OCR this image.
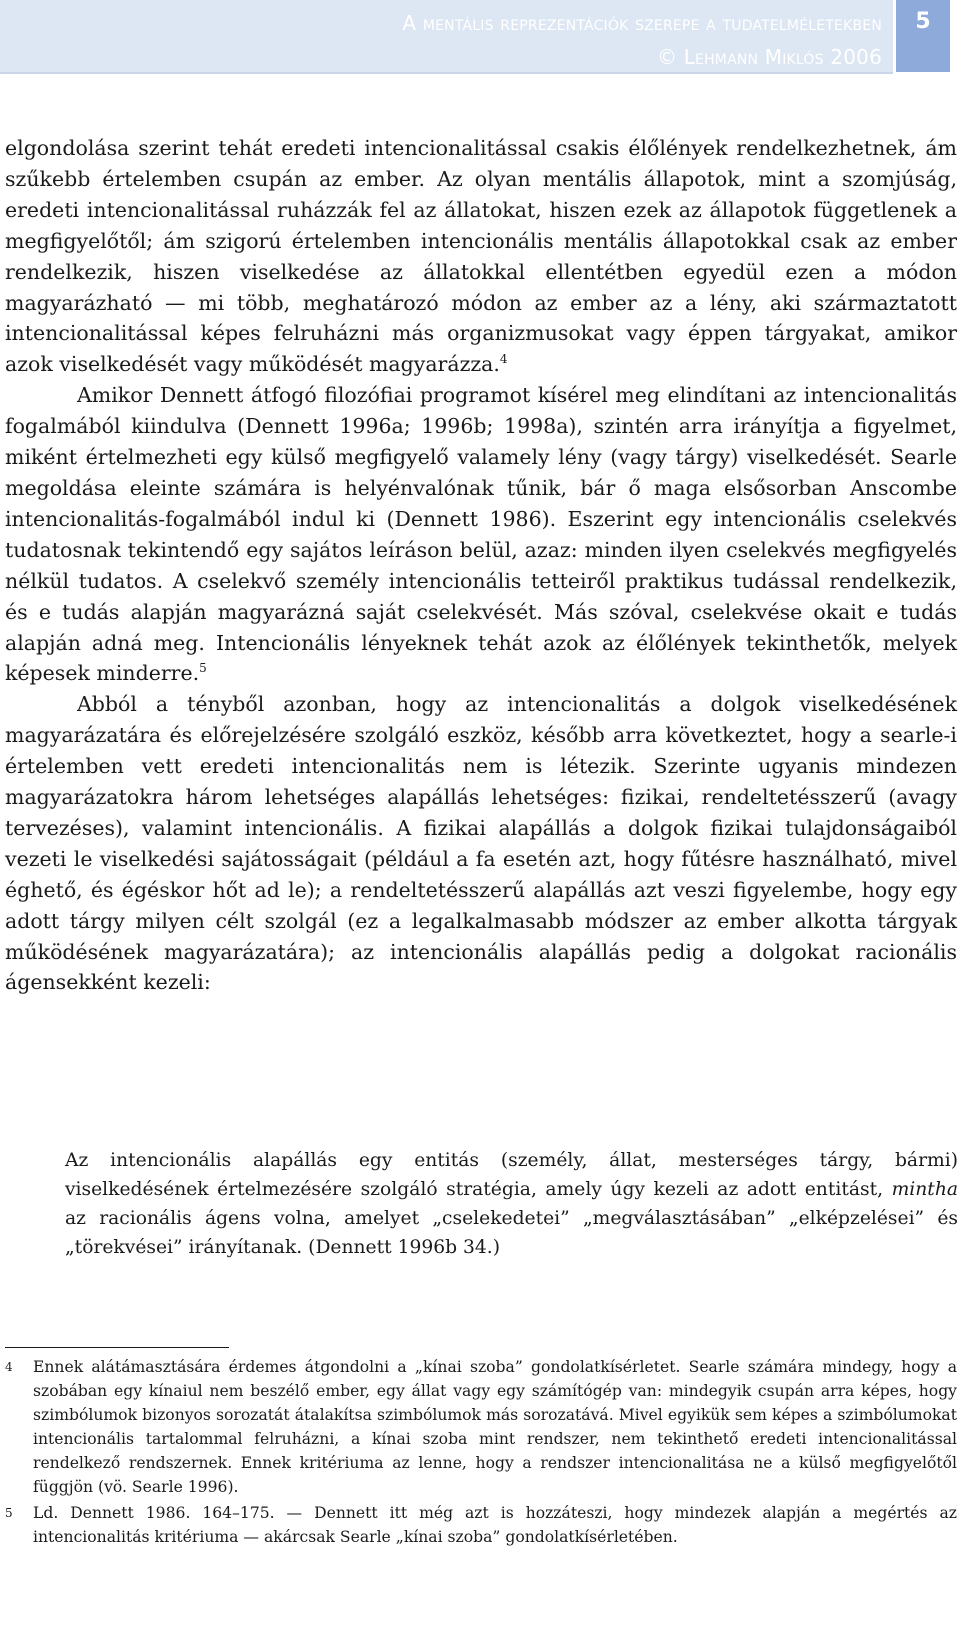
A mentális reprezentációk szerepe a tudatelméletekben
© Lehmann Miklós 2006
5

elgondolása szerint tehát eredeti intencionalitással csakis élőlények rendelkezhetnek, ám szűkebb értelemben csupán az ember. Az olyan mentális állapotok, mint a szomjúság, eredeti intencionalitással ruházzák fel az állatokat, hiszen ezek az állapotok függetlenek a megfigyelőtől; ám szigorú értelemben intencionális mentális állapotokkal csak az ember rendelkezik, hiszen viselkedése az állatokkal ellentétben egyedül ezen a módon magyarázható — mi több, meghatározó módon az ember az a lény, aki származtatott intencionalitással képes felruházni más organizmusokat vagy éppen tárgyakat, amikor azok viselkedését vagy működését magyarázza.$^4$

Amikor Dennett átfogó filozófiai programot kísérel meg elindítani az intencionalitás fogalmából kiindulva (Dennett 1996a; 1996b; 1998a), szintén arra irányítja a figyelmet, miként értelmezheti egy külső megfigyelő valamely lény (vagy tárgy) viselkedését. Searle megoldása eleinte számára is helyénvalónak tűnik, bár ő maga elsősorban Anscombe intencionalitás-fogalmából indul ki (Dennett 1986). Eszerint egy intencionális cselekvés tudatosnak tekintendő egy sajátos leíráson belül, azaz: minden ilyen cselekvés megfigyelés nélkül tudatos. A cselekvő személy intencionális tetteiről praktikus tudással rendelkezik, és e tudás alapján magyarázná saját cselekvését. Más szóval, cselekvése okait e tudás alapján adná meg. Intencionális lényeknek tehát azok az élőlények tekinthetők, melyek képesek minderre.$^5$

Abból a tényből azonban, hogy az intencionalitás a dolgok viselkedésének magyarázatára és előrejelzésére szolgáló eszköz, később arra következtet, hogy a searle-i értelemben vett eredeti intencionalitás nem is létezik. Szerinte ugyanis mindezen magyarázatokra három lehetséges alapállás lehetséges: fizikai, rendeltetésszerű (avagy tervezéses), valamint intencionális. A fizikai alapállás a dolgok fizikai tulajdonságaiból vezeti le viselkedési sajátosságait (például a fa esetén azt, hogy fűtésre használható, mivel éghető, és égéskor hőt ad le); a rendeltetésszerű alapállás azt veszi figyelembe, hogy egy adott tárgy milyen célt szolgál (ez a legalkalmasabb módszer az ember alkotta tárgyak működésének magyarázatára); az intencionális alapállás pedig a dolgokat racionális ágensekként kezeli:

Az intencionális alapállás egy entitás (személy, állat, mesterséges tárgy, bármi) viselkedésének értelmezésére szolgáló stratégia, amely úgy kezeli az adott entitást, mintha az racionális ágens volna, amelyet „cselekedetei” „megválasztásában” „elképzelései” és „törekvései” irányítanak. (Dennett 1996b 34.)

4 Ennek alátámasztására érdemes átgondolni a „kínai szoba” gondolatkísérletet. Searle számára mindegy, hogy a szobában egy kínaiul nem beszélő ember, egy állat vagy egy számítógép van: mindegyik csupán arra képes, hogy szimbólumok bizonyos sorozatát átalakítsa szimbólumok más sorozatává. Mivel egyikük sem képes a szimbólumokat intencionális tartalommal felruházni, a kínai szoba mint rendszer, nem tekinthető eredeti intencionalitással rendelkező rendszernek. Ennek kritériuma az lenne, hogy a rendszer intencionalitása ne a külső megfigyelőtől függjön (vö. Searle 1996).

5 Ld. Dennett 1986. 164–175. — Dennett itt még azt is hozzáteszi, hogy mindezek alapján a megértés az intencionalitás kritériuma — akárcsak Searle „kínai szoba” gondolatkísérletében.
